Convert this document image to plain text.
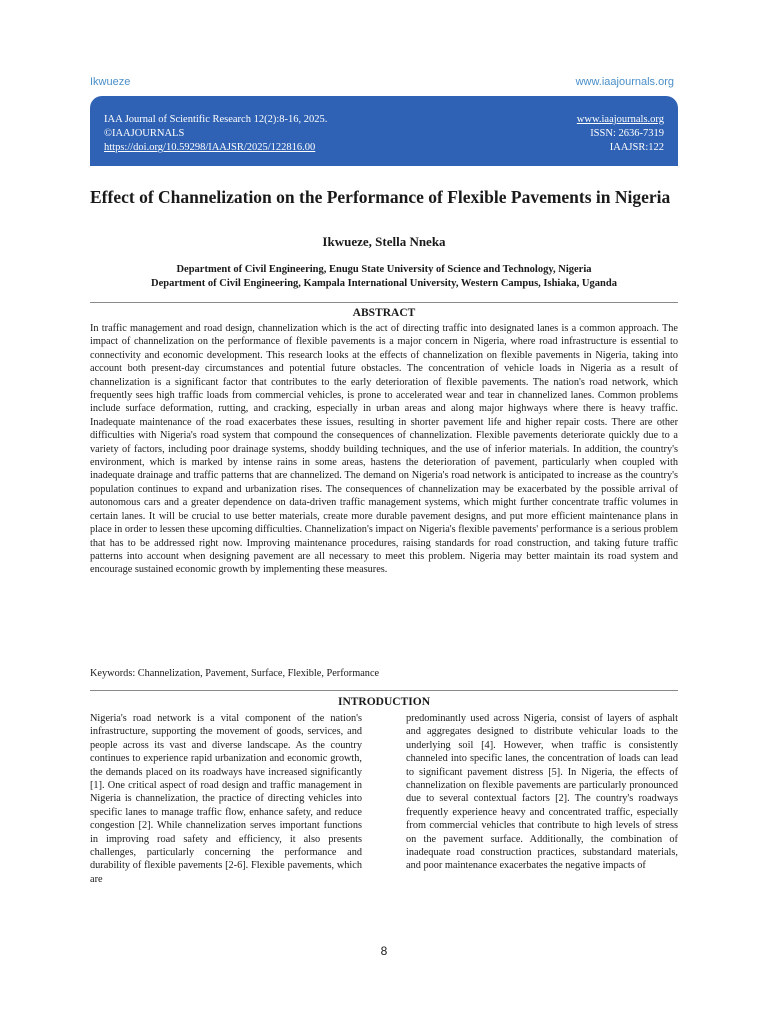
Ikwueze	www.iaajournals.org
IAA Journal of Scientific Research 12(2):8-16, 2025.
©IAAJOURNALS
https://doi.org/10.59298/IAAJSR/2025/122816.00
www.iaajournals.org
ISSN: 2636-7319
IAAJSR:122
Effect of Channelization on the Performance of Flexible Pavements in Nigeria
Ikwueze, Stella Nneka
Department of Civil Engineering, Enugu State University of Science and Technology, Nigeria
Department of Civil Engineering, Kampala International University, Western Campus, Ishiaka, Uganda
ABSTRACT
In traffic management and road design, channelization which is the act of directing traffic into designated lanes is a common approach. The impact of channelization on the performance of flexible pavements is a major concern in Nigeria, where road infrastructure is essential to connectivity and economic development. This research looks at the effects of channelization on flexible pavements in Nigeria, taking into account both present-day circumstances and potential future obstacles. The concentration of vehicle loads in Nigeria as a result of channelization is a significant factor that contributes to the early deterioration of flexible pavements. The nation's road network, which frequently sees high traffic loads from commercial vehicles, is prone to accelerated wear and tear in channelized lanes. Common problems include surface deformation, rutting, and cracking, especially in urban areas and along major highways where there is heavy traffic. Inadequate maintenance of the road exacerbates these issues, resulting in shorter pavement life and higher repair costs. There are other difficulties with Nigeria's road system that compound the consequences of channelization. Flexible pavements deteriorate quickly due to a variety of factors, including poor drainage systems, shoddy building techniques, and the use of inferior materials. In addition, the country's environment, which is marked by intense rains in some areas, hastens the deterioration of pavement, particularly when coupled with inadequate drainage and traffic patterns that are channelized. The demand on Nigeria's road network is anticipated to increase as the country's population continues to expand and urbanization rises. The consequences of channelization may be exacerbated by the possible arrival of autonomous cars and a greater dependence on data-driven traffic management systems, which might further concentrate traffic volumes in certain lanes. It will be crucial to use better materials, create more durable pavement designs, and put more efficient maintenance plans in place in order to lessen these upcoming difficulties. Channelization's impact on Nigeria's flexible pavements' performance is a serious problem that has to be addressed right now. Improving maintenance procedures, raising standards for road construction, and taking future traffic patterns into account when designing pavement are all necessary to meet this problem. Nigeria may better maintain its road system and encourage sustained economic growth by implementing these measures.
Keywords: Channelization, Pavement, Surface, Flexible, Performance
INTRODUCTION
Nigeria's road network is a vital component of the nation's infrastructure, supporting the movement of goods, services, and people across its vast and diverse landscape. As the country continues to experience rapid urbanization and economic growth, the demands placed on its roadways have increased significantly [1]. One critical aspect of road design and traffic management in Nigeria is channelization, the practice of directing vehicles into specific lanes to manage traffic flow, enhance safety, and reduce congestion [2]. While channelization serves important functions in improving road safety and efficiency, it also presents challenges, particularly concerning the performance and durability of flexible pavements [2-6]. Flexible pavements, which are
predominantly used across Nigeria, consist of layers of asphalt and aggregates designed to distribute vehicular loads to the underlying soil [4]. However, when traffic is consistently channeled into specific lanes, the concentration of loads can lead to significant pavement distress [5]. In Nigeria, the effects of channelization on flexible pavements are particularly pronounced due to several contextual factors [2]. The country's roadways frequently experience heavy and concentrated traffic, especially from commercial vehicles that contribute to high levels of stress on the pavement surface. Additionally, the combination of inadequate road construction practices, substandard materials, and poor maintenance exacerbates the negative impacts of
8
